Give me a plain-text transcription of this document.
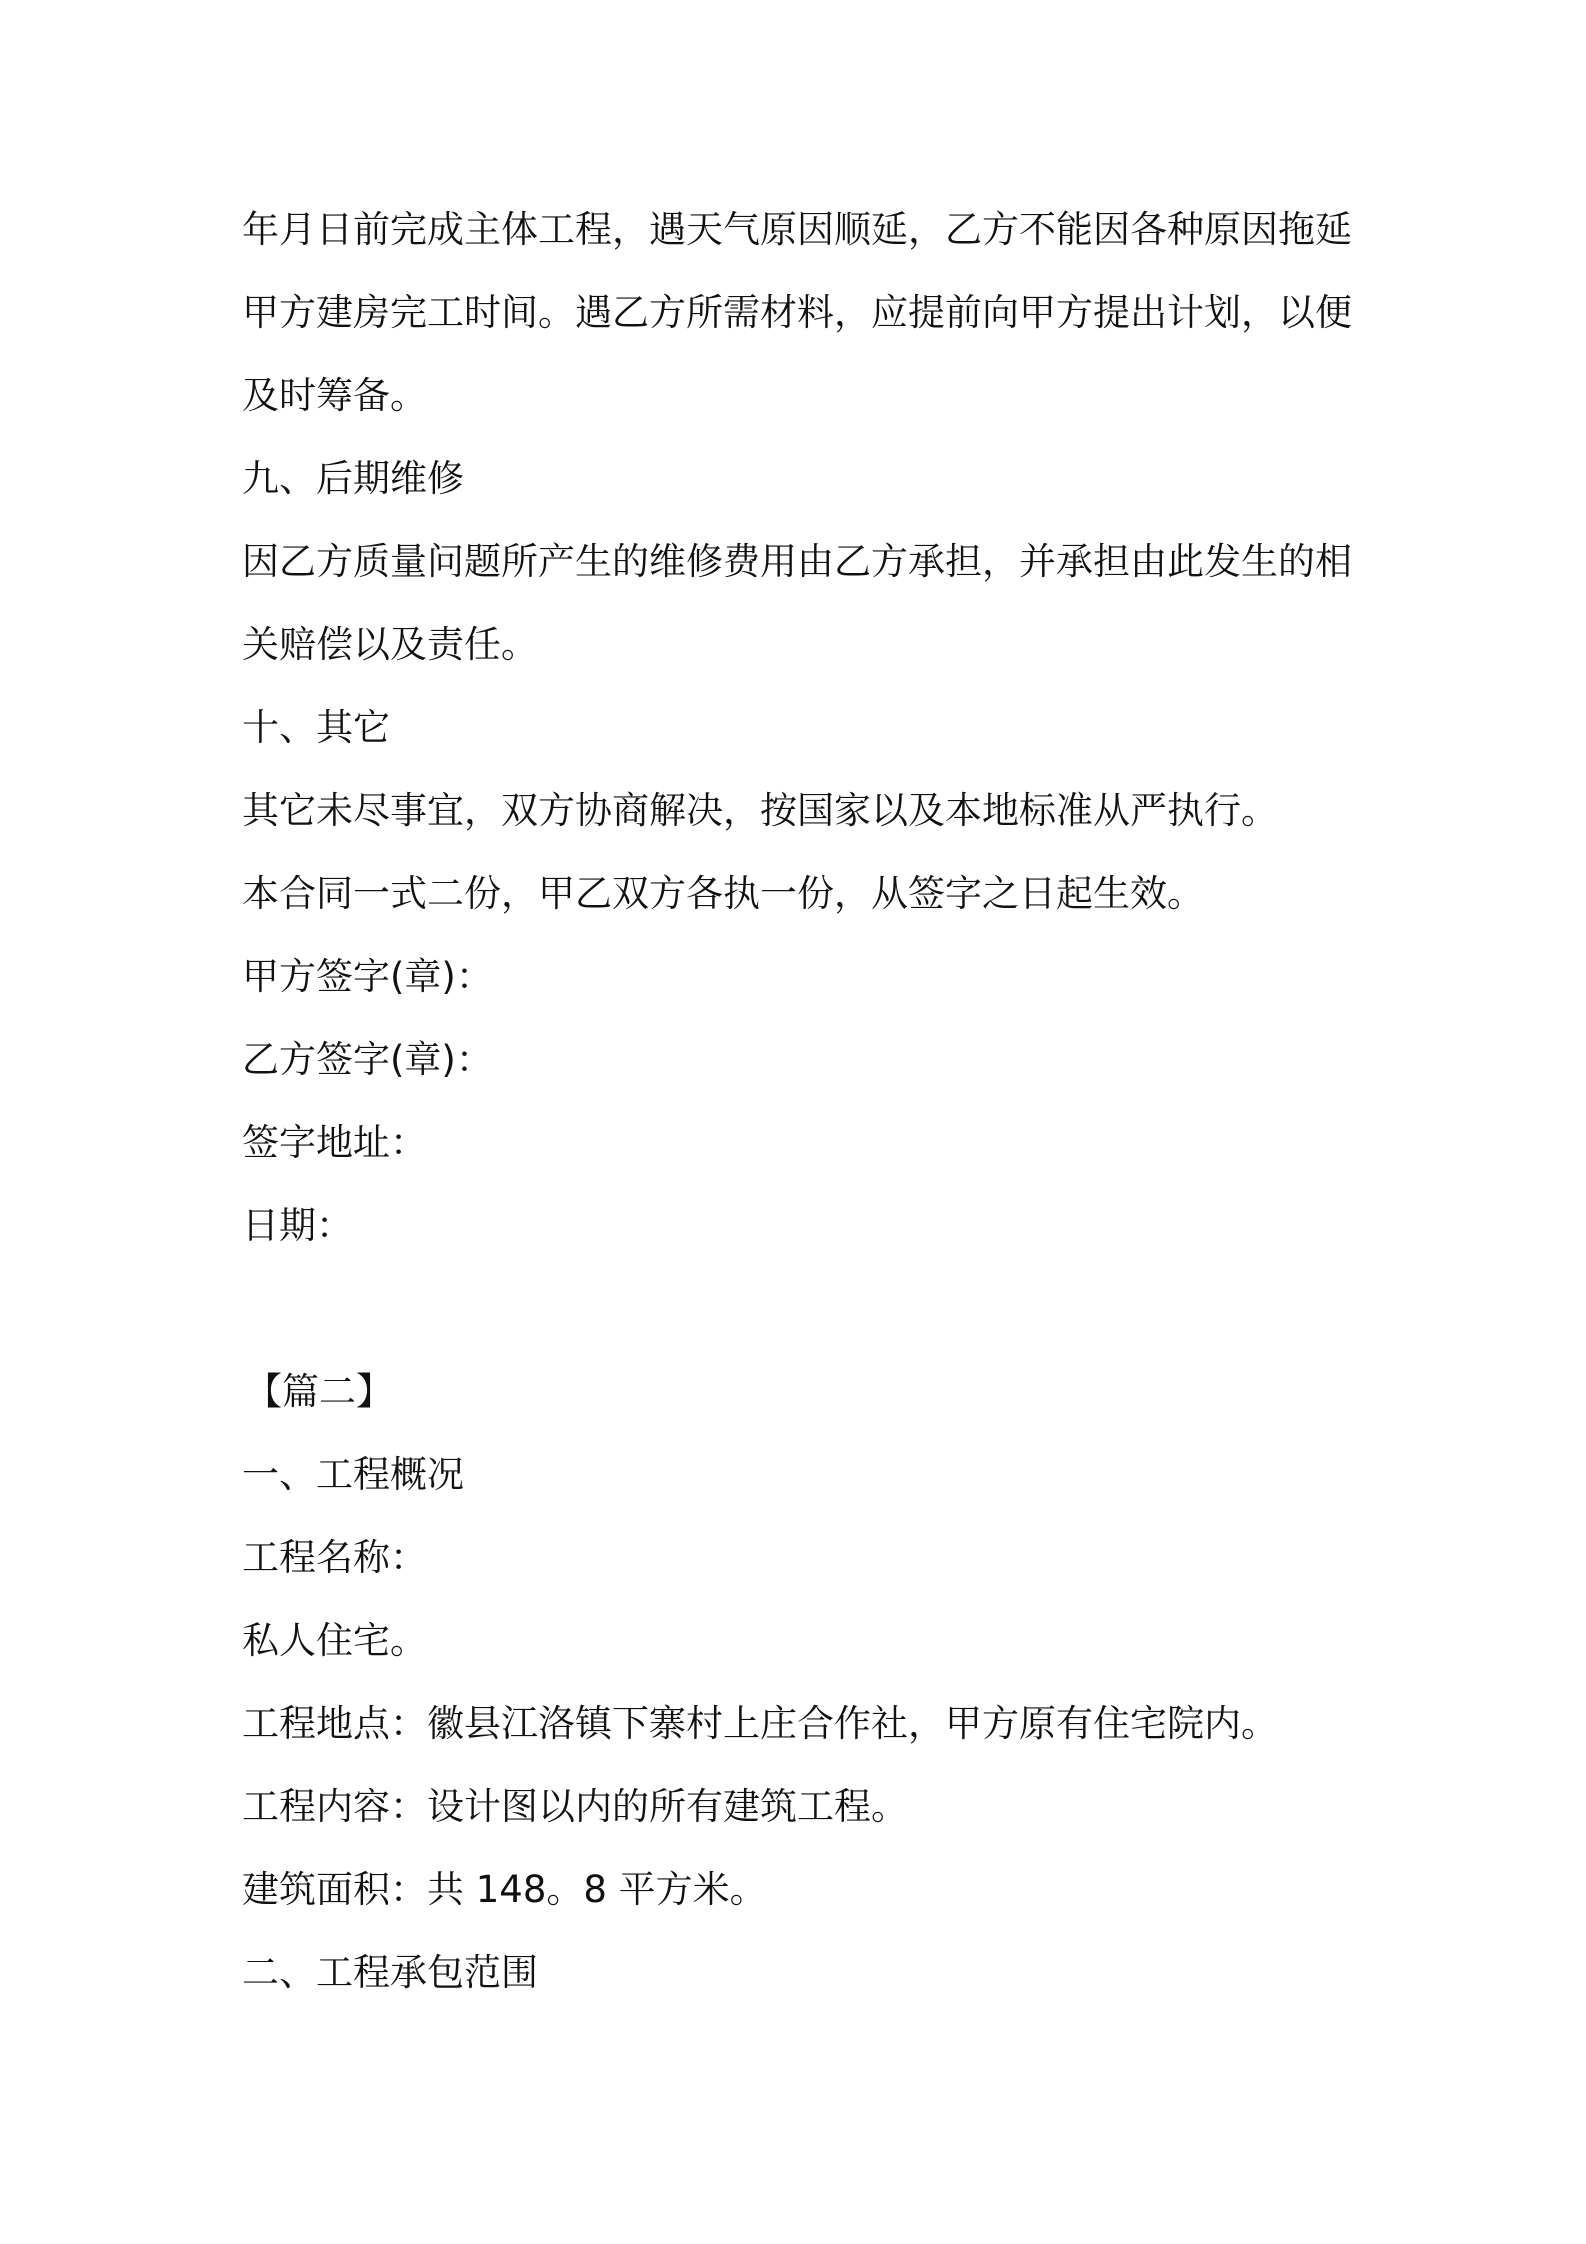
年月日前完成主体工程，遇天气原因顺延，乙方不能因各种原因拖延
甲方建房完工时间。遇乙方所需材料，应提前向甲方提出计划，以便
及时筹备。
九、后期维修
因乙方质量问题所产生的维修费用由乙方承担，并承担由此发生的相
关赔偿以及责任。
十、其它
其它未尽事宜，双方协商解决，按国家以及本地标准从严执行。
本合同一式二份，甲乙双方各执一份，从签字之日起生效。
甲方签字(章)：
乙方签字(章)：
签字地址：
日期：
【篇二】
一、工程概况
工程名称：
私人住宅。
工程地点：徽县江洛镇下寨村上庄合作社，甲方原有住宅院内。
工程内容：设计图以内的所有建筑工程。
建筑面积：共 148。8 平方米。
二、工程承包范围
